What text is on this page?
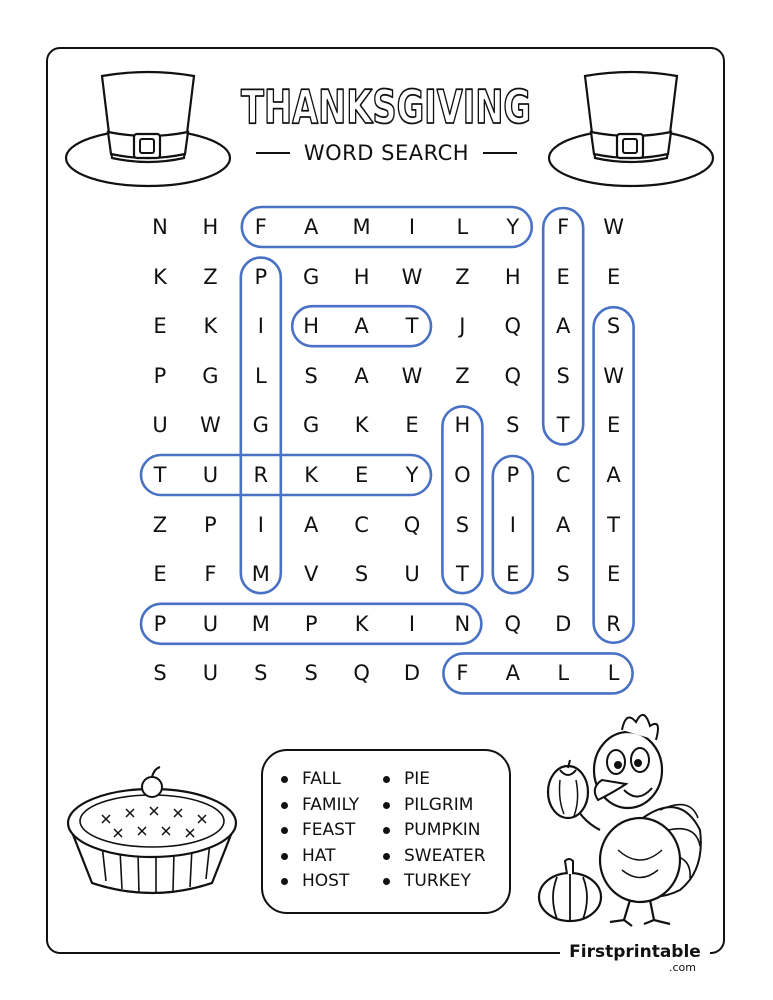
THANKSGIVING
WORD SEARCH
N	H	F	A	M	I	L	Y	F	W
K	Z	P	G	H	W	Z	H	E	E
E	K	I	H	A	T	J	Q	A	S
P	G	L	S	A	W	Z	Q	S	W
U	W	G	G	K	E	H	S	T	E
T	U	R	K	E	Y	O	P	C	A
Z	P	I	A	C	Q	S	I	A	T
E	F	M	V	S	U	T	E	S	E
P	U	M	P	K	I	N	Q	D	R
S	U	S	S	Q	D	F	A	L	L
FALL
FAMILY
FEAST
HAT
HOST
PIE
PILGRIM
PUMPKIN
SWEATER
TURKEY
Firstprintable
.com
